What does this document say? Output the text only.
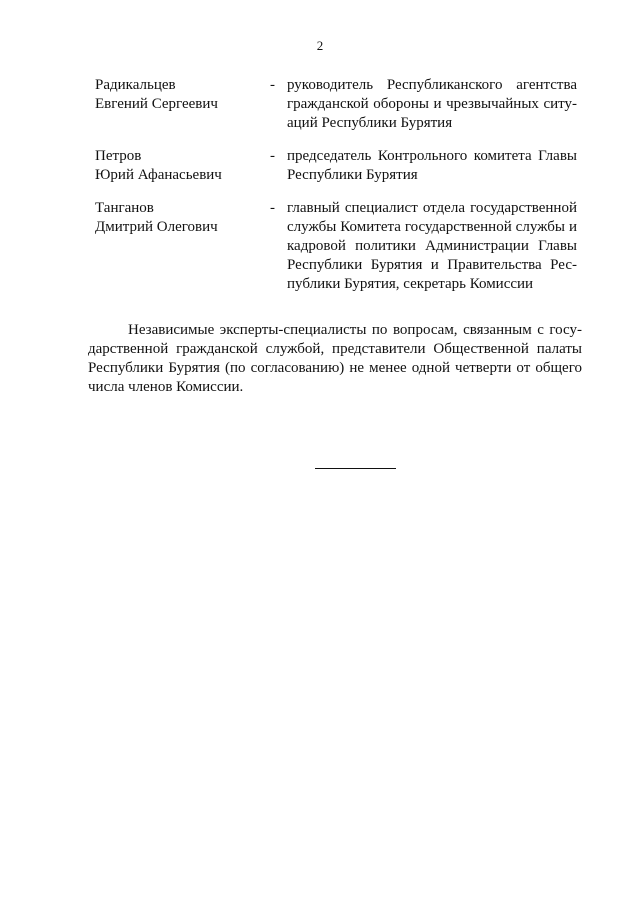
2
Радикальцев
Евгений Сергеевич
- руководитель Республиканского агентства
гражданской обороны и чрезвычайных ситу-
аций Республики Бурятия
Петров
Юрий Афанасьевич
- председатель Контрольного комитета Главы
Республики Бурятия
Танганов
Дмитрий Олегович
- главный специалист отдела государственной
службы Комитета государственной службы и
кадровой политики Администрации Главы
Республики Бурятия и Правительства Рес-
публики Бурятия, секретарь Комиссии
Независимые эксперты-специалисты по вопросам, связанным с госу-
дарственной гражданской службой, представители Общественной палаты
Республики Бурятия (по согласованию) не менее одной четверти от общего
числа членов Комиссии.
